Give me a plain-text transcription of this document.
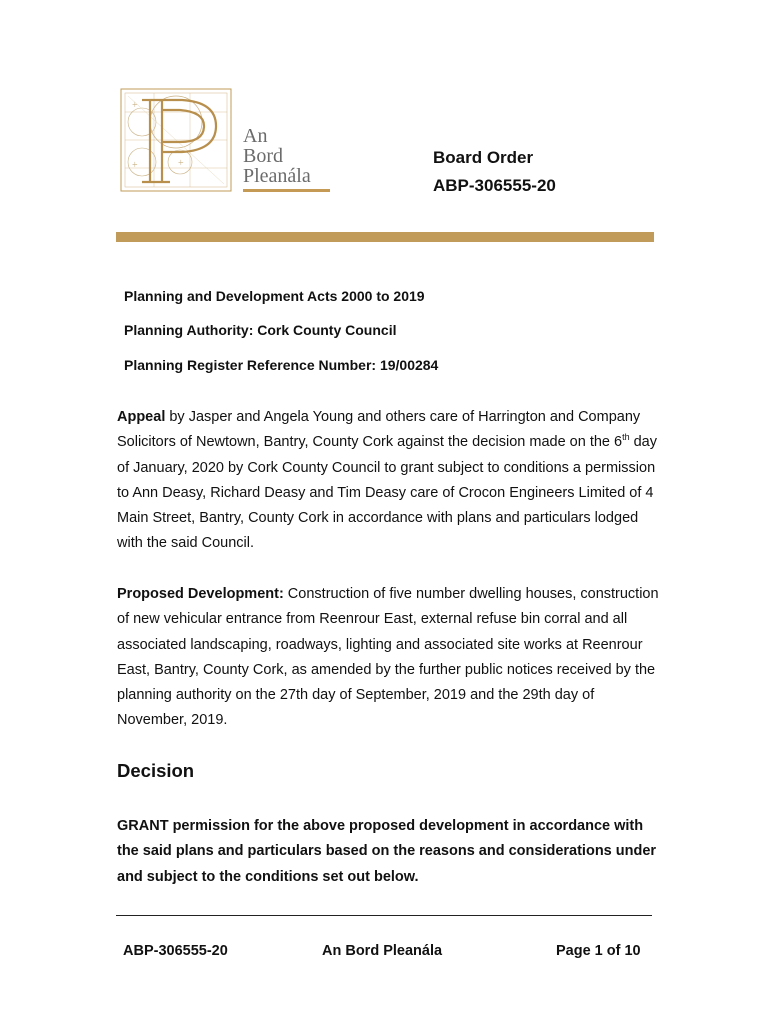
+
+
+
An
Bord
Pleanála
Board Order
ABP-306555-20
Planning and Development Acts 2000 to 2019
Planning Authority: Cork County Council
Planning Register Reference Number: 19/00284
Appeal by Jasper and Angela Young and others care of Harrington and Company Solicitors of Newtown, Bantry, County Cork against the decision made on the 6th day of January, 2020 by Cork County Council to grant subject to conditions a permission to Ann Deasy, Richard Deasy and Tim Deasy care of Crocon Engineers Limited of 4 Main Street, Bantry, County Cork in accordance with plans and particulars lodged with the said Council.
Proposed Development: Construction of five number dwelling houses, construction of new vehicular entrance from Reenrour East, external refuse bin corral and all associated landscaping, roadways, lighting and associated site works at Reenrour East, Bantry, County Cork, as amended by the further public notices received by the planning authority on the 27th day of September, 2019 and the 29th day of November, 2019.
Decision
GRANT permission for the above proposed development in accordance with the said plans and particulars based on the reasons and considerations under and subject to the conditions set out below.
ABP-306555-20	An Bord Pleanála	Page 1 of 10
